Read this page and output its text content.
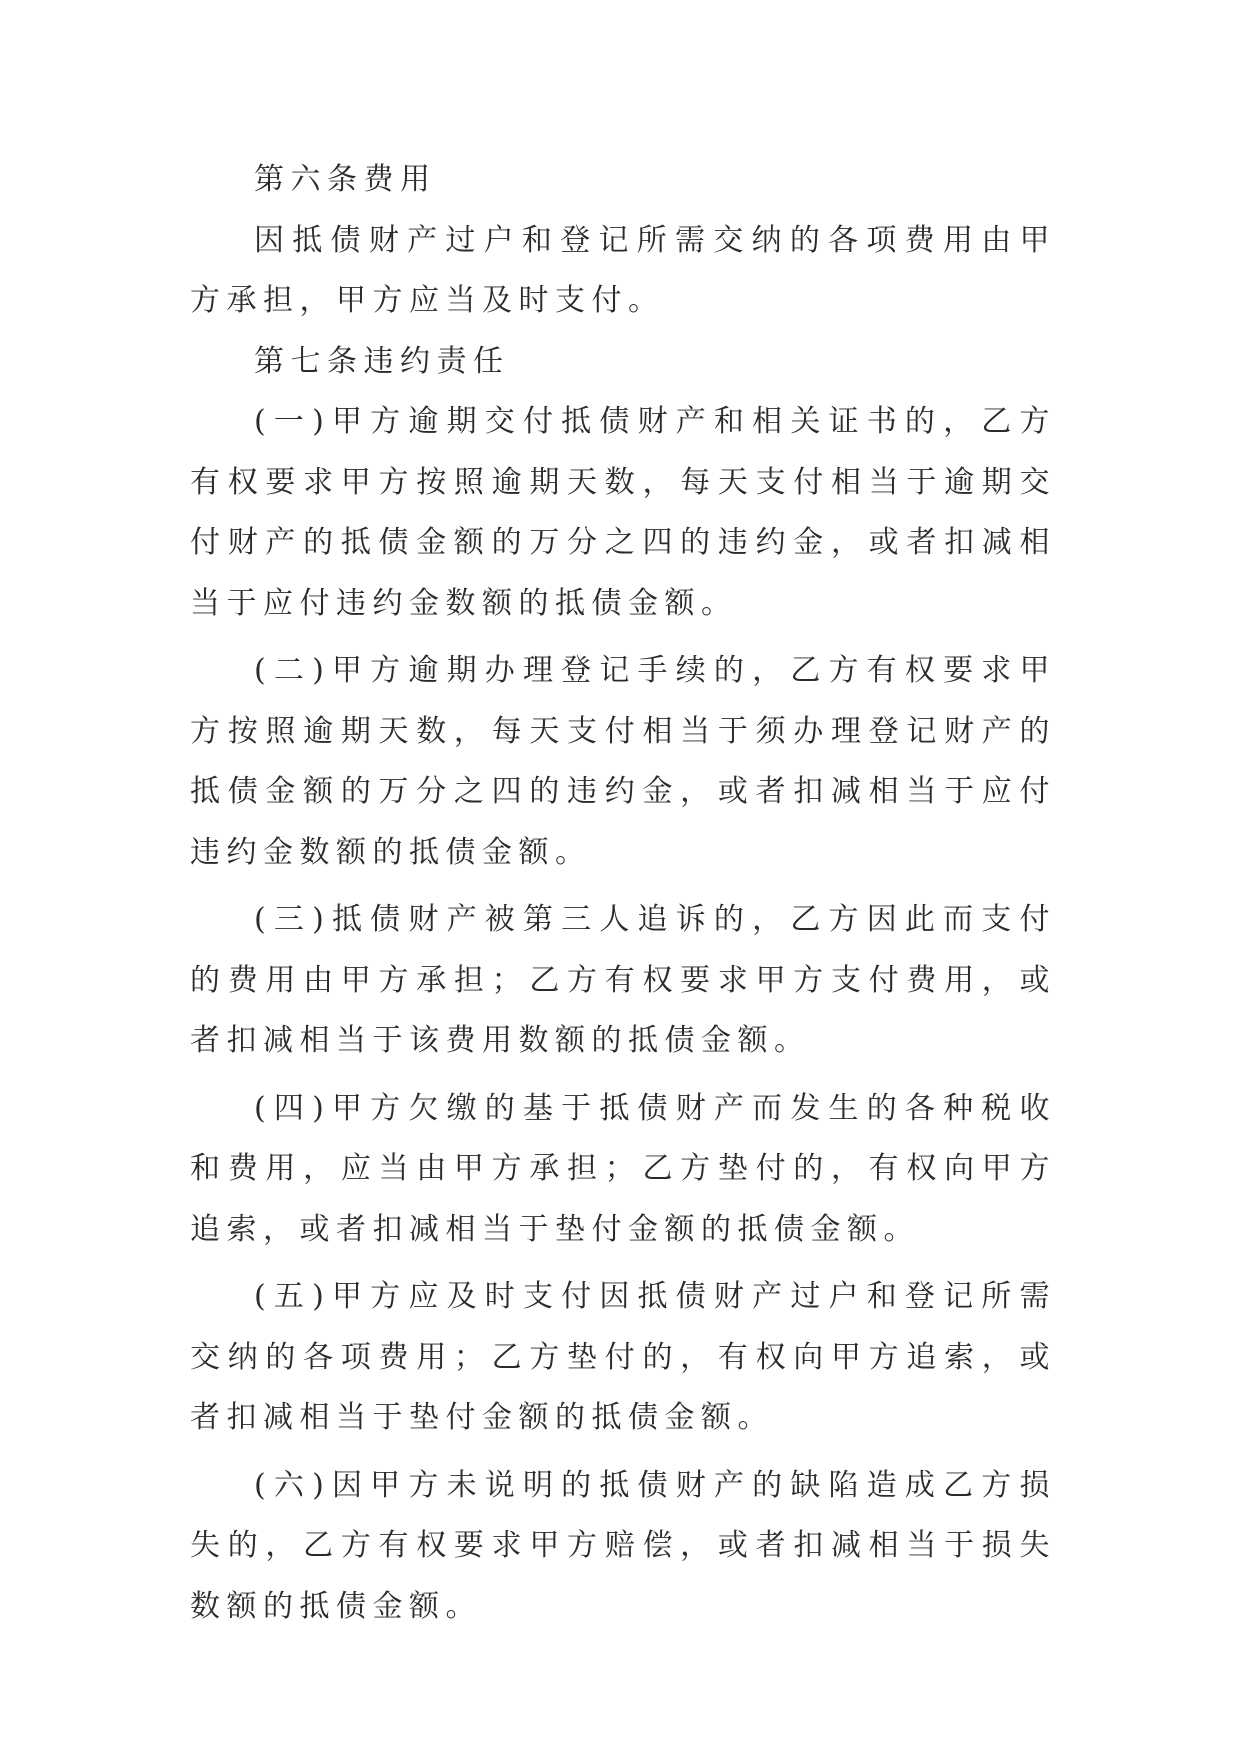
第六条费用

因抵债财产过户和登记所需交纳的各项费用由甲方承担，甲方应当及时支付。

第七条违约责任

(一)甲方逾期交付抵债财产和相关证书的，乙方有权要求甲方按照逾期天数，每天支付相当于逾期交付财产的抵债金额的万分之四的违约金，或者扣减相当于应付违约金数额的抵债金额。

(二)甲方逾期办理登记手续的，乙方有权要求甲方按照逾期天数，每天支付相当于须办理登记财产的抵债金额的万分之四的违约金，或者扣减相当于应付违约金数额的抵债金额。

(三)抵债财产被第三人追诉的，乙方因此而支付的费用由甲方承担；乙方有权要求甲方支付费用，或者扣减相当于该费用数额的抵债金额。

(四)甲方欠缴的基于抵债财产而发生的各种税收和费用，应当由甲方承担；乙方垫付的，有权向甲方追索，或者扣减相当于垫付金额的抵债金额。

(五)甲方应及时支付因抵债财产过户和登记所需交纳的各项费用；乙方垫付的，有权向甲方追索，或者扣减相当于垫付金额的抵债金额。

(六)因甲方未说明的抵债财产的缺陷造成乙方损失的，乙方有权要求甲方赔偿，或者扣减相当于损失数额的抵债金额。
